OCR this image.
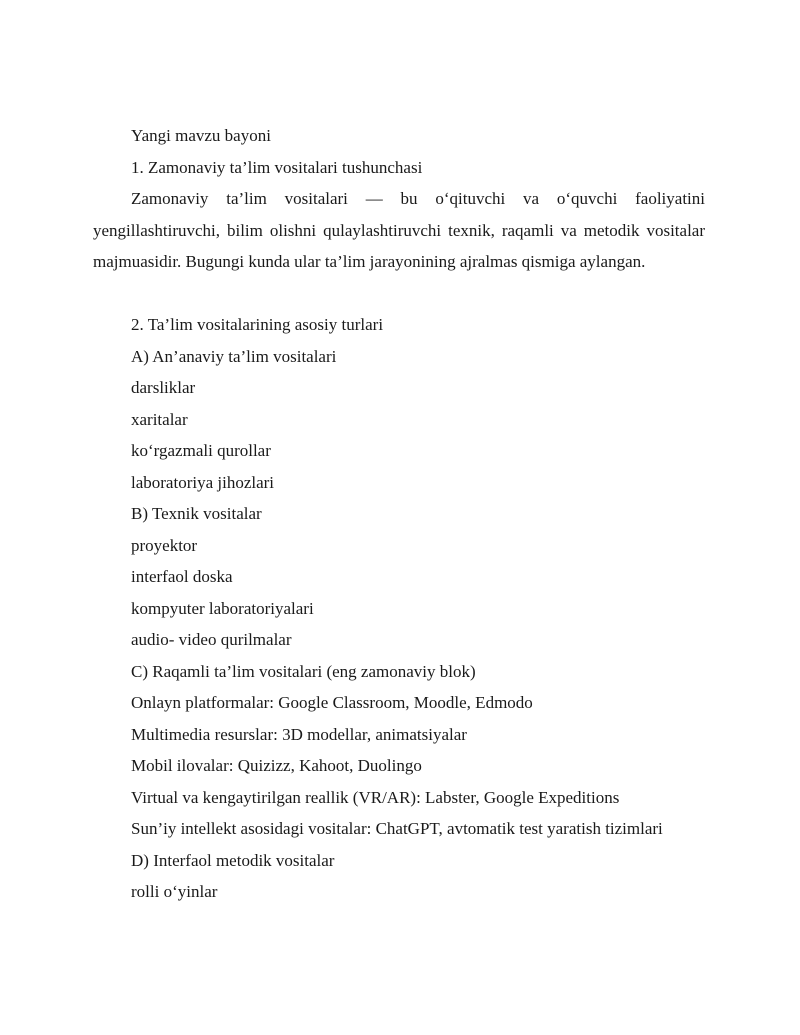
Yangi mavzu bayoni

1. Zamonaviy ta’lim vositalari tushunchasi

Zamonaviy ta’lim vositalari — bu o‘qituvchi va o‘quvchi faoliyatini yengillashtiruvchi, bilim olishni qulaylashtiruvchi texnik, raqamli va metodik vositalar majmuasidir. Bugungi kunda ular ta’lim jarayonining ajralmas qismiga aylangan.

2. Ta’lim vositalarining asosiy turlari

A) An’anaviy ta’lim vositalari

darsliklar

xaritalar

ko‘rgazmali qurollar

laboratoriya jihozlari

B) Texnik vositalar

proyektor

interfaol doska

kompyuter laboratoriyalari

audio- video qurilmalar

C) Raqamli ta’lim vositalari (eng zamonaviy blok)

Onlayn platformalar: Google Classroom, Moodle, Edmodo

Multimedia resurslar: 3D modellar, animatsiyalar

Mobil ilovalar: Quizizz, Kahoot, Duolingo

Virtual va kengaytirilgan reallik (VR/AR): Labster, Google Expeditions

Sun’iy intellekt asosidagi vositalar: ChatGPT, avtomatik test yaratish tizimlari

D) Interfaol metodik vositalar

rolli o‘yinlar
